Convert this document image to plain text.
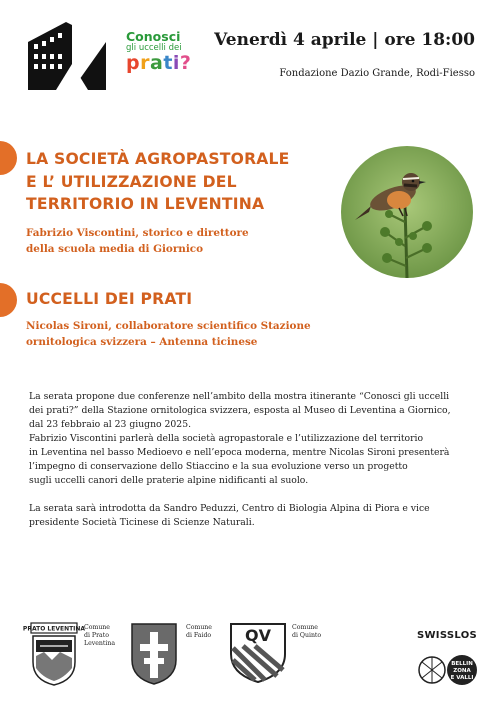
Conosci
gli uccelli dei
prati?
Venerdì 4 aprile | ore 18:00
Fondazione Dazio Grande, Rodi-Fiesso
LA SOCIETÀ AGROPASTORALE
E L’ UTILIZZAZIONE DEL
TERRITORIO IN LEVENTINA
Fabrizio Viscontini, storico e direttore
della scuola media di Giornico
UCCELLI DEI PRATI
Nicolas Sironi, collaboratore scientifico Stazione
ornitologica svizzera – Antenna ticinese

La serata propone due conferenze nell’ambito della mostra itinerante “Conosci gli uccelli

dei prati?” della Stazione ornitologica svizzera, esposta al Museo di Leventina a Giornico,

dal 23 febbraio al 23 giugno 2025.

Fabrizio Viscontini parlerà della società agropastorale e l’utilizzazione del territorio

in Leventina nel basso Medioevo e nell’epoca moderna, mentre Nicolas Sironi presenterà

l’impegno di conservazione dello Stiaccino e la sua evoluzione verso un progetto

sugli uccelli canori delle praterie alpine nidificanti al suolo.

La serata sarà introdotta da Sandro Peduzzi, Centro di Biologia Alpina di Piora e vice

presidente Società Ticinese di Scienze Naturali.

PRATO LEVENTINA
Comune
di Prato
Leventina
Comune
di Faido QV	Comune
di Quinto	SWISSLOS
BELLIN
ZONA
E VALLI
